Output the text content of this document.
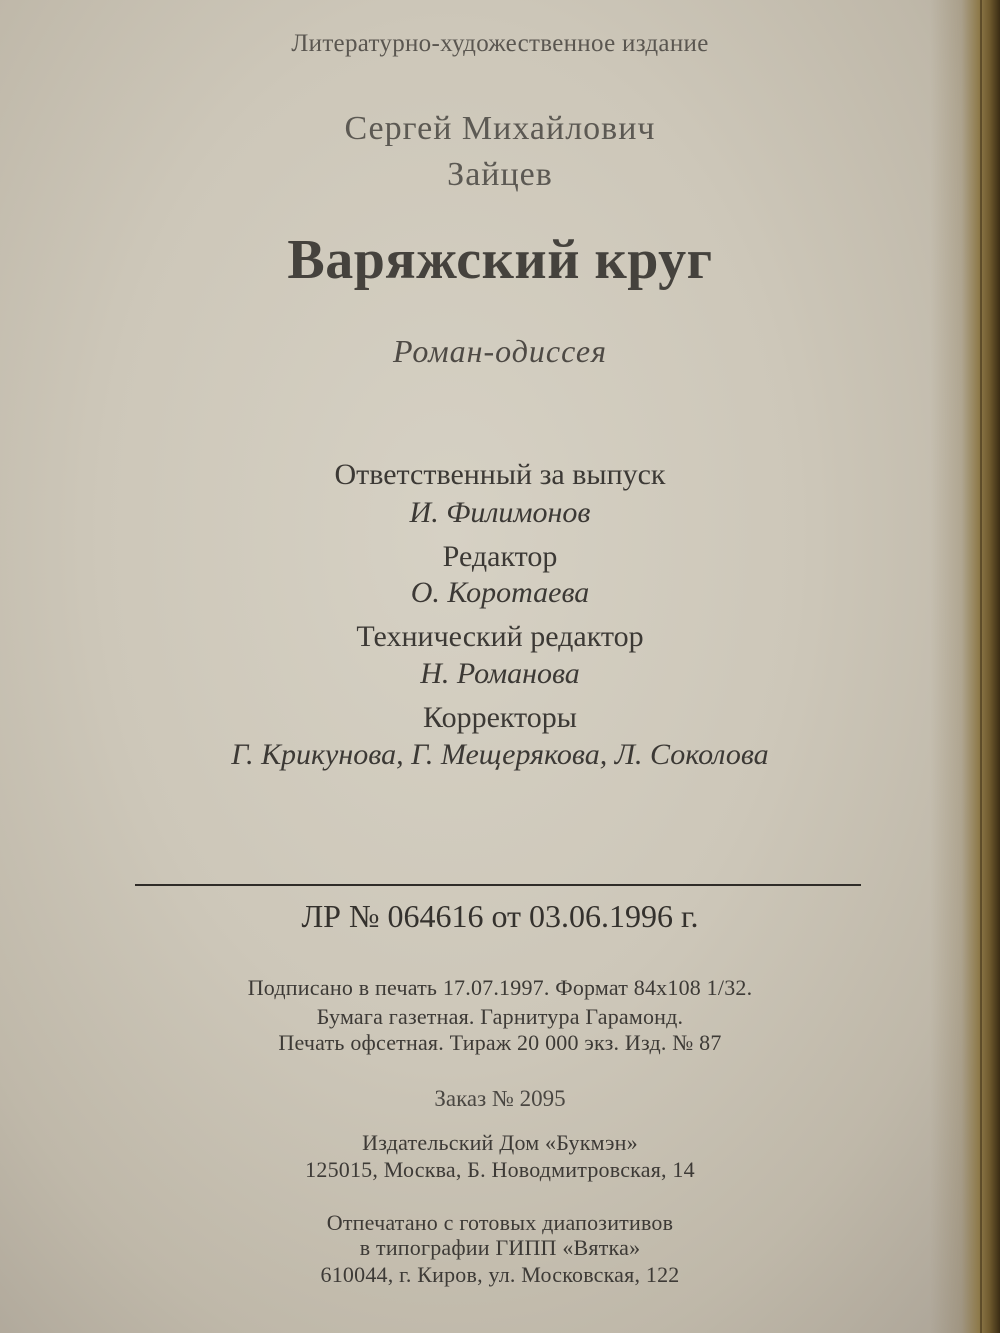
Литературно-художественное издание
Сергей Михайлович
Зайцев
Варяжский круг
Роман-одиссея
Ответственный за выпуск
И. Филимонов
Редактор
О. Коротаева
Технический редактор
Н. Романова
Корректоры
Г. Крикунова, Г. Мещерякова, Л. Соколова
ЛР № 064616 от 03.06.1996 г.
Подписано в печать 17.07.1997. Формат 84х108 1/32.
Бумага газетная. Гарнитура Гарамонд.
Печать офсетная. Тираж 20 000 экз. Изд. № 87
Заказ № 2095
Издательский Дом «Букмэн»
125015, Москва, Б. Новодмитровская, 14
Отпечатано с готовых диапозитивов
в типографии ГИПП «Вятка»
610044, г. Киров, ул. Московская, 122
